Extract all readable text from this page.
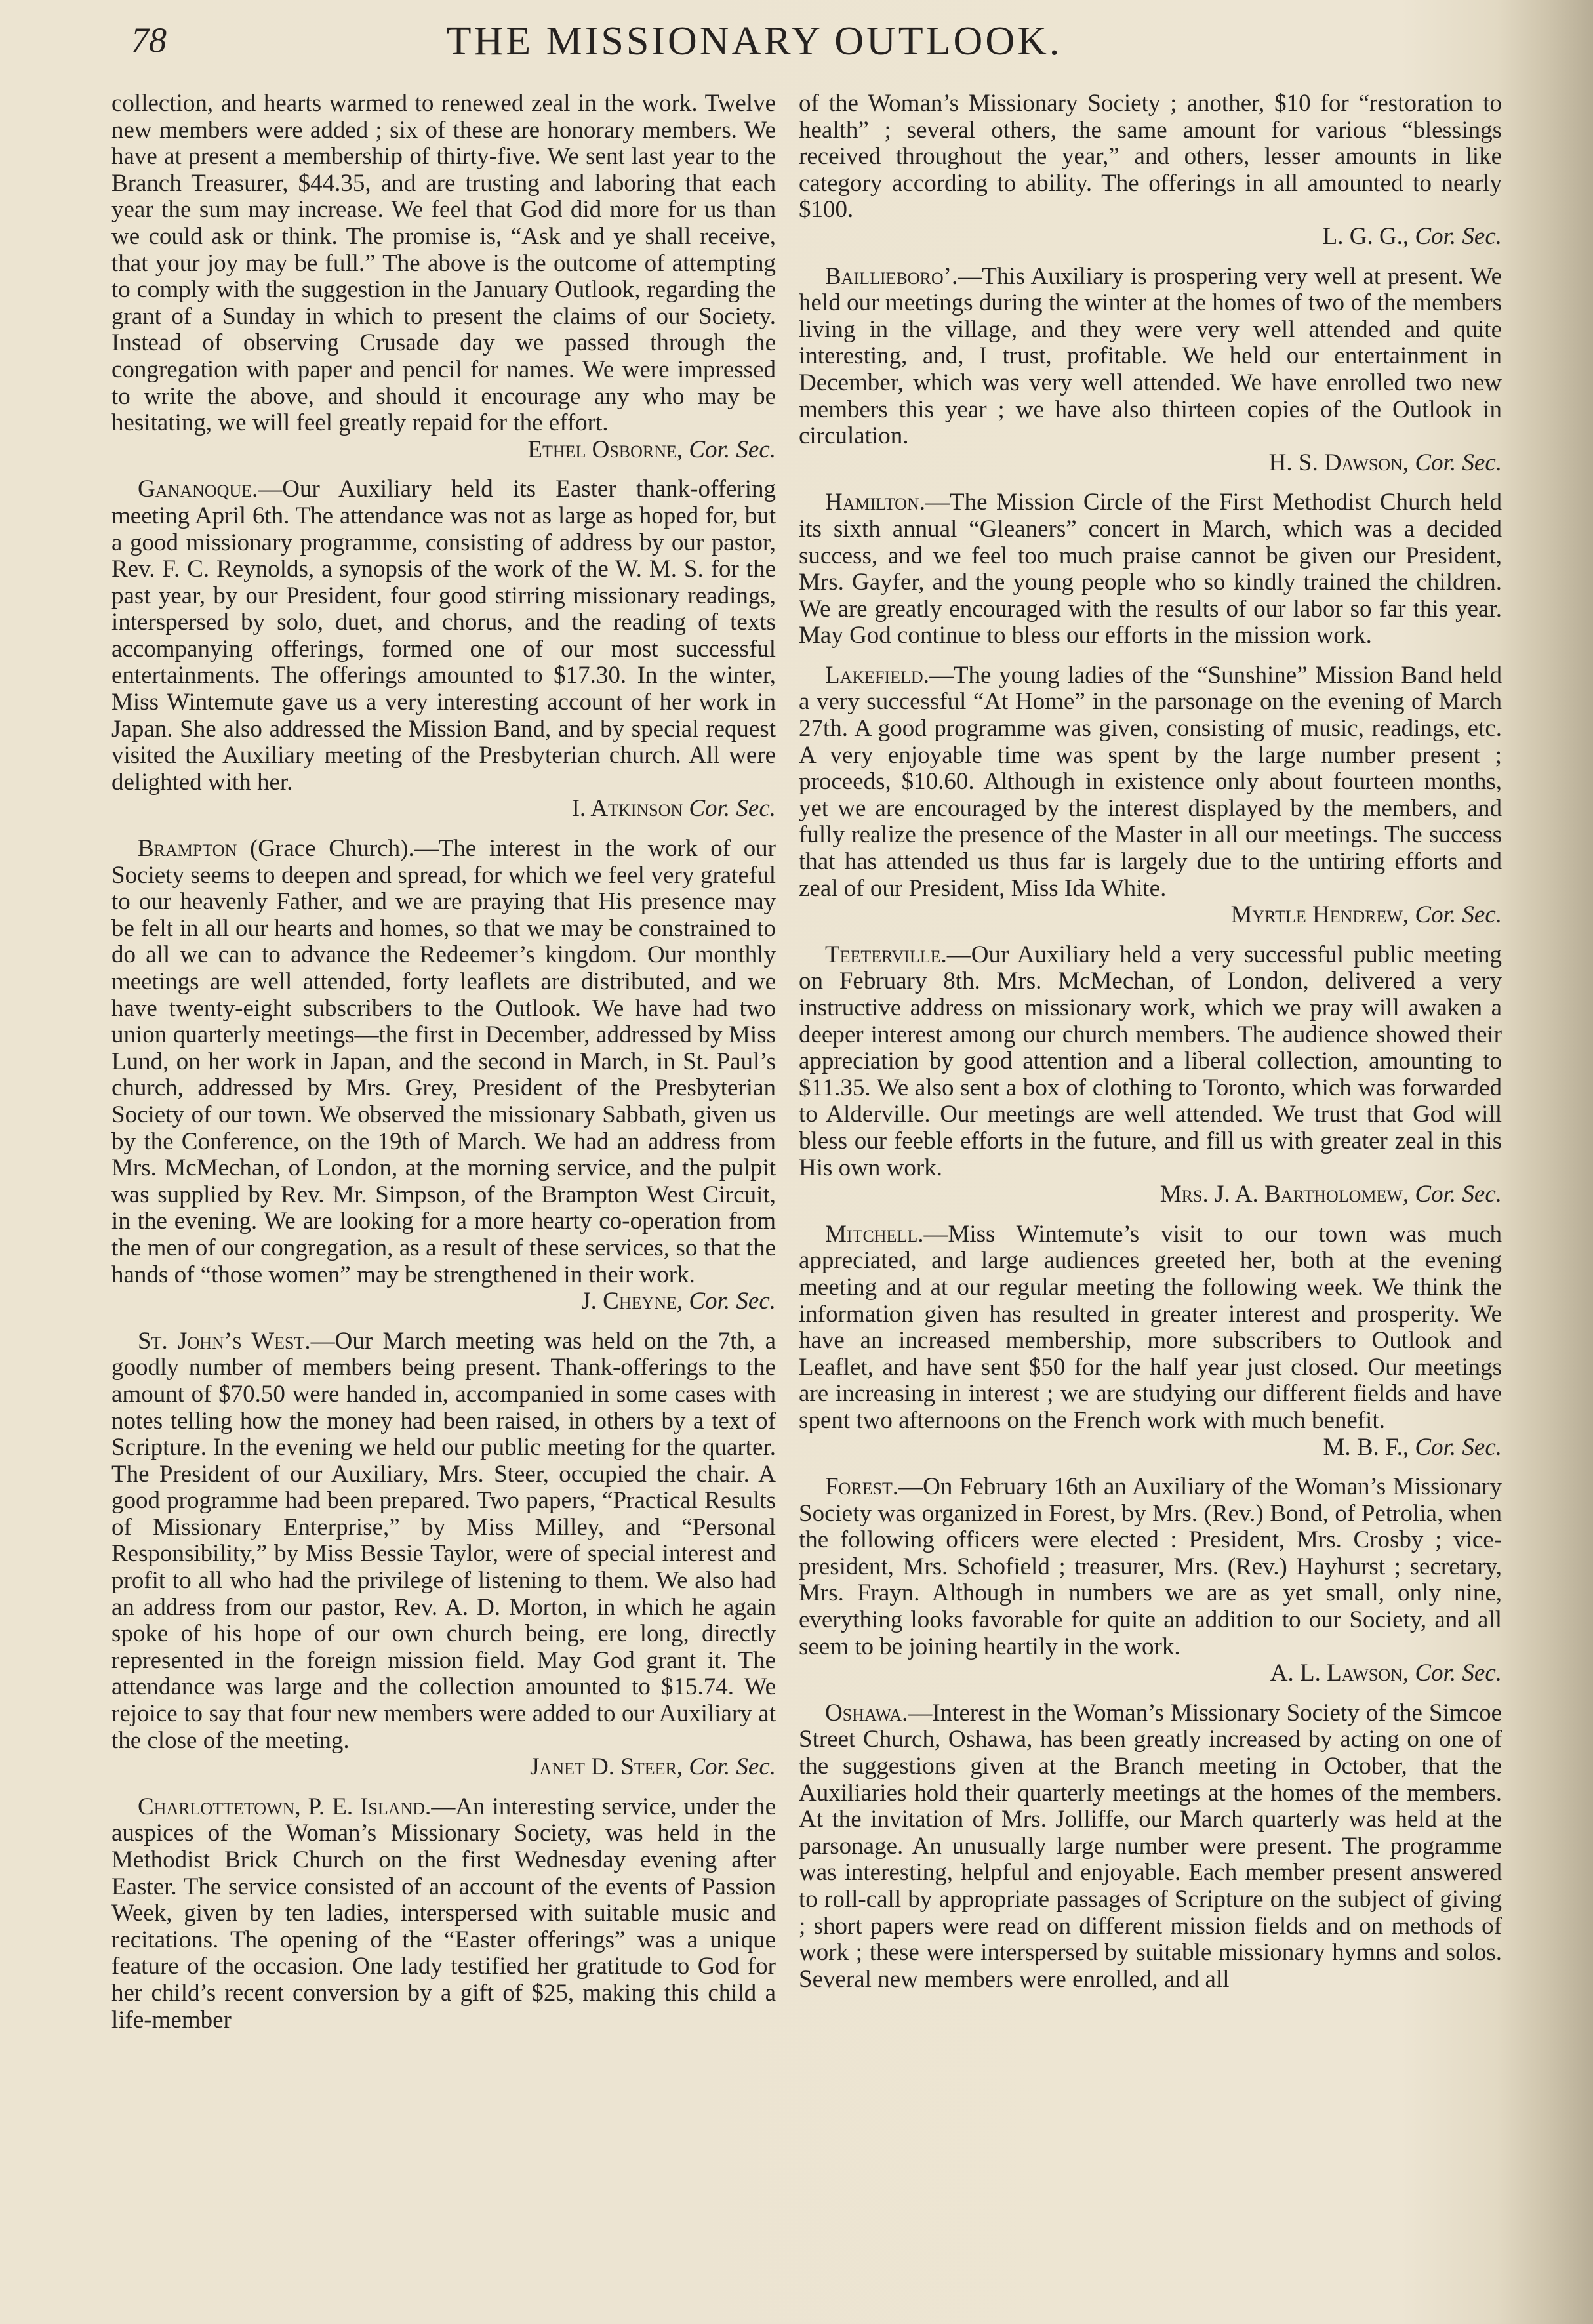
78	THE MISSIONARY OUTLOOK.

collection, and hearts warmed to renewed zeal in the work. Twelve new members were added ; six of these are honorary members. We have at present a membership of thirty-five. We sent last year to the Branch Treasurer, $44.35, and are trusting and laboring that each year the sum may increase. We feel that God did more for us than we could ask or think. The promise is, “Ask and ye shall receive, that your joy may be full.” The above is the outcome of attempting to comply with the suggestion in the January Outlook, regarding the grant of a Sunday in which to present the claims of our Society. Instead of observing Crusade day we passed through the congregation with paper and pencil for names. We were impressed to write the above, and should it encourage any who may be hesitating, we will feel greatly repaid for the effort.
Ethel Osborne, Cor. Sec.

Gananoque.—Our Auxiliary held its Easter thank-offering meeting April 6th. The attendance was not as large as hoped for, but a good missionary programme, consisting of address by our pastor, Rev. F. C. Reynolds, a synopsis of the work of the W. M. S. for the past year, by our President, four good stirring missionary readings, interspersed by solo, duet, and chorus, and the reading of texts accompanying offerings, formed one of our most successful entertainments. The offerings amounted to $17.30. In the winter, Miss Wintemute gave us a very interesting account of her work in Japan. She also addressed the Mission Band, and by special request visited the Auxiliary meeting of the Presbyterian church. All were delighted with her.
I. Atkinson Cor. Sec.

Brampton (Grace Church).—The interest in the work of our Society seems to deepen and spread, for which we feel very grateful to our heavenly Father, and we are praying that His presence may be felt in all our hearts and homes, so that we may be constrained to do all we can to advance the Redeemer’s kingdom. Our monthly meetings are well attended, forty leaflets are distributed, and we have twenty-eight subscribers to the Outlook. We have had two union quarterly meetings—the first in December, addressed by Miss Lund, on her work in Japan, and the second in March, in St. Paul’s church, addressed by Mrs. Grey, President of the Presbyterian Society of our town. We observed the missionary Sabbath, given us by the Conference, on the 19th of March. We had an address from Mrs. McMechan, of London, at the morning service, and the pulpit was supplied by Rev. Mr. Simpson, of the Brampton West Circuit, in the evening. We are looking for a more hearty co-operation from the men of our congregation, as a result of these services, so that the hands of “those women” may be strengthened in their work.
J. Cheyne, Cor. Sec.

St. John’s West.—Our March meeting was held on the 7th, a goodly number of members being present. Thank-offerings to the amount of $70.50 were handed in, accompanied in some cases with notes telling how the money had been raised, in others by a text of Scripture. In the evening we held our public meeting for the quarter. The President of our Auxiliary, Mrs. Steer, occupied the chair. A good programme had been prepared. Two papers, “Practical Results of Missionary Enterprise,” by Miss Milley, and “Personal Responsibility,” by Miss Bessie Taylor, were of special interest and profit to all who had the privilege of listening to them. We also had an address from our pastor, Rev. A. D. Morton, in which he again spoke of his hope of our own church being, ere long, directly represented in the foreign mission field. May God grant it. The attendance was large and the collection amounted to $15.74. We rejoice to say that four new members were added to our Auxiliary at the close of the meeting.
Janet D. Steer, Cor. Sec.

Charlottetown, P. E. Island.—An interesting service, under the auspices of the Woman’s Missionary Society, was held in the Methodist Brick Church on the first Wednesday evening after Easter. The service consisted of an account of the events of Passion Week, given by ten ladies, interspersed with suitable music and recitations. The opening of the “Easter offerings” was a unique feature of the occasion. One lady testified her gratitude to God for her child’s recent conversion by a gift of $25, making this child a life-member

of the Woman’s Missionary Society ; another, $10 for “restoration to health” ; several others, the same amount for various “blessings received throughout the year,” and others, lesser amounts in like category according to ability. The offerings in all amounted to nearly $100.
L. G. G., Cor. Sec.

Baillieboro’.—This Auxiliary is prospering very well at present. We held our meetings during the winter at the homes of two of the members living in the village, and they were very well attended and quite interesting, and, I trust, profitable. We held our entertainment in December, which was very well attended. We have enrolled two new members this year ; we have also thirteen copies of the Outlook in circulation.
H. S. Dawson, Cor. Sec.

Hamilton.—The Mission Circle of the First Methodist Church held its sixth annual “Gleaners” concert in March, which was a decided success, and we feel too much praise cannot be given our President, Mrs. Gayfer, and the young people who so kindly trained the children. We are greatly encouraged with the results of our labor so far this year. May God continue to bless our efforts in the mission work.

Lakefield.—The young ladies of the “Sunshine” Mission Band held a very successful “At Home” in the parsonage on the evening of March 27th. A good programme was given, consisting of music, readings, etc. A very enjoyable time was spent by the large number present ; proceeds, $10.60. Although in existence only about fourteen months, yet we are encouraged by the interest displayed by the members, and fully realize the presence of the Master in all our meetings. The success that has attended us thus far is largely due to the untiring efforts and zeal of our President, Miss Ida White.
Myrtle Hendrew, Cor. Sec.

Teeterville.—Our Auxiliary held a very successful public meeting on February 8th. Mrs. McMechan, of London, delivered a very instructive address on missionary work, which we pray will awaken a deeper interest among our church members. The audience showed their appreciation by good attention and a liberal collection, amounting to $11.35. We also sent a box of clothing to Toronto, which was forwarded to Alderville. Our meetings are well attended. We trust that God will bless our feeble efforts in the future, and fill us with greater zeal in this His own work.
Mrs. J. A. Bartholomew, Cor. Sec.

Mitchell.—Miss Wintemute’s visit to our town was much appreciated, and large audiences greeted her, both at the evening meeting and at our regular meeting the following week. We think the information given has resulted in greater interest and prosperity. We have an increased membership, more subscribers to Outlook and Leaflet, and have sent $50 for the half year just closed. Our meetings are increasing in interest ; we are studying our different fields and have spent two afternoons on the French work with much benefit.
M. B. F., Cor. Sec.

Forest.—On February 16th an Auxiliary of the Woman’s Missionary Society was organized in Forest, by Mrs. (Rev.) Bond, of Petrolia, when the following officers were elected : President, Mrs. Crosby ; vice-president, Mrs. Schofield ; treasurer, Mrs. (Rev.) Hayhurst ; secretary, Mrs. Frayn. Although in numbers we are as yet small, only nine, everything looks favorable for quite an addition to our Society, and all seem to be joining heartily in the work.
A. L. Lawson, Cor. Sec.

Oshawa.—Interest in the Woman’s Missionary Society of the Simcoe Street Church, Oshawa, has been greatly increased by acting on one of the suggestions given at the Branch meeting in October, that the Auxiliaries hold their quarterly meetings at the homes of the members. At the invitation of Mrs. Jolliffe, our March quarterly was held at the parsonage. An unusually large number were present. The programme was interesting, helpful and enjoyable. Each member present answered to roll-call by appropriate passages of Scripture on the subject of giving ; short papers were read on different mission fields and on methods of work ; these were interspersed by suitable missionary hymns and solos. Several new members were enrolled, and all
